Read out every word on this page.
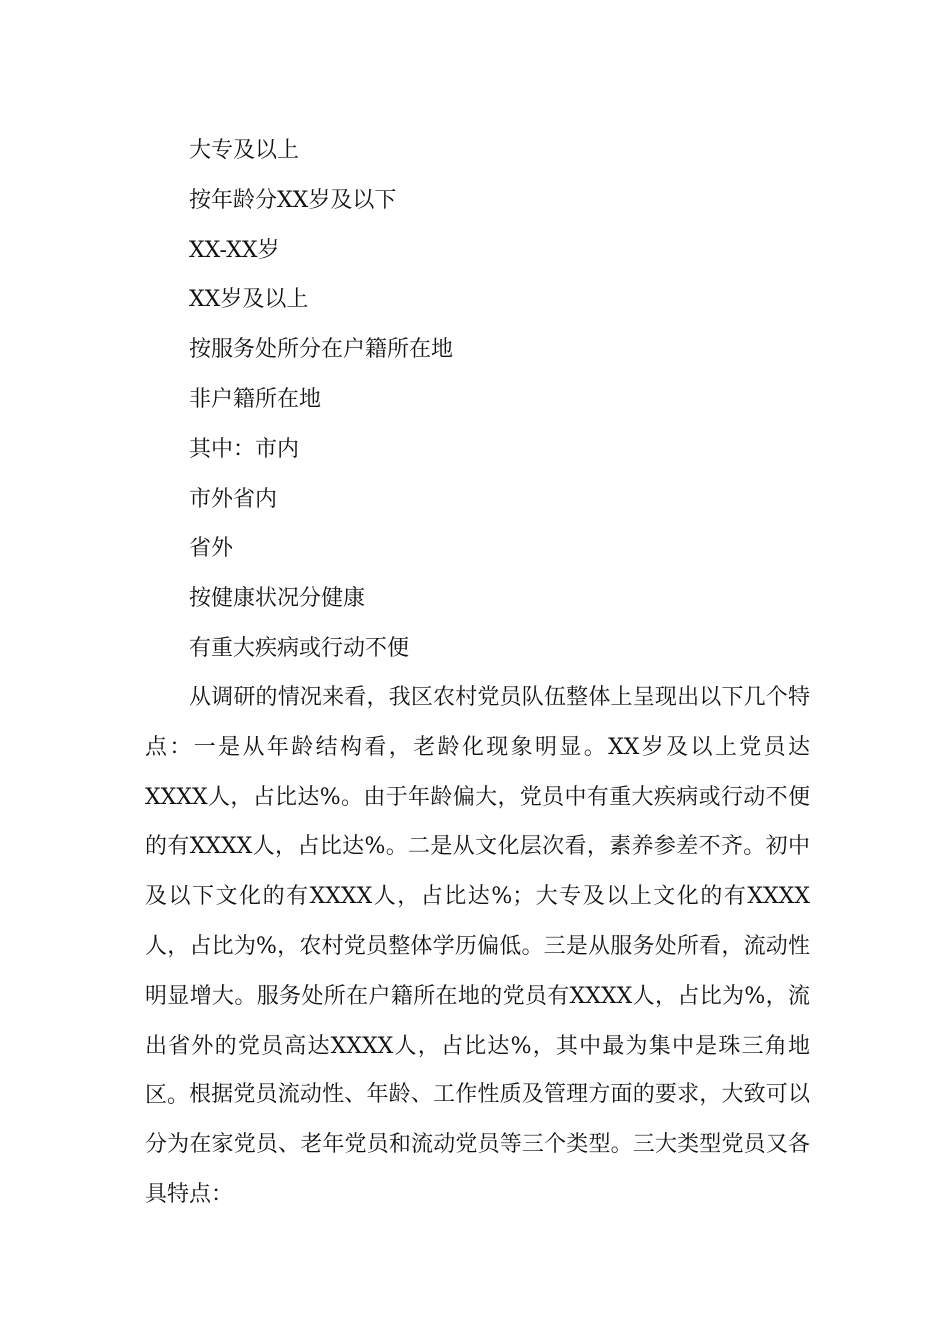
大专及以上
按年龄分XX岁及以下
XX-XX岁
XX岁及以上
按服务处所分在户籍所在地
非户籍所在地
其中：市内
市外省内
省外
按健康状况分健康
有重大疾病或行动不便

从调研的情况来看，我区农村党员队伍整体上呈现出以下几个特点：一是从年龄结构看，老龄化现象明显。XX岁及以上党员达XXXX人，占比达%。由于年龄偏大，党员中有重大疾病或行动不便的有XXXX人，占比达%。二是从文化层次看，素养参差不齐。初中及以下文化的有XXXX人，占比达%；大专及以上文化的有XXXX人，占比为%，农村党员整体学历偏低。三是从服务处所看，流动性明显增大。服务处所在户籍所在地的党员有XXXX人，占比为%，流出省外的党员高达XXXX人，占比达%，其中最为集中是珠三角地区。 根据党员流动性、年龄、工作性质及管理方面的要求，大致可以分为在家党员、老年党员和流动党员等三个类型。三大类型党员又各具特点：
